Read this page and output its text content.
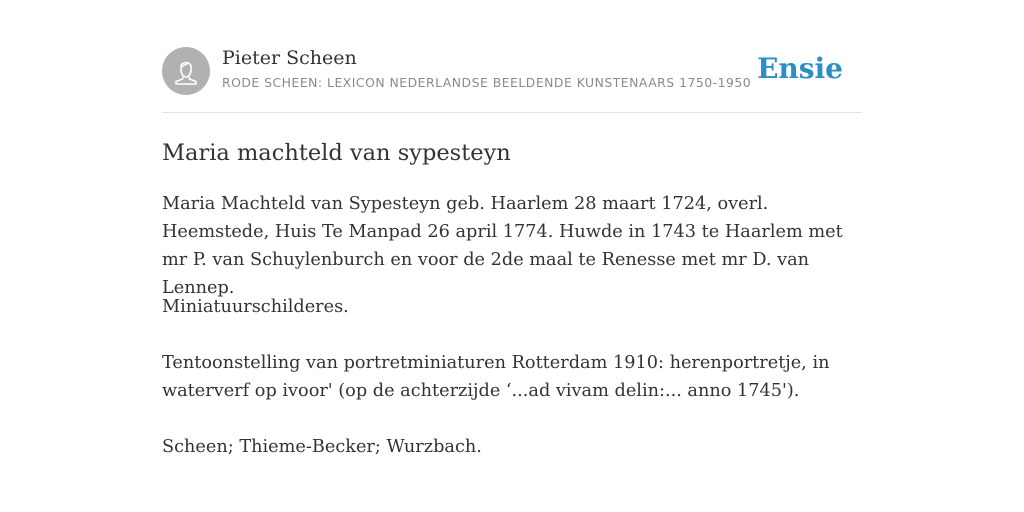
Pieter Scheen
RODE SCHEEN: LEXICON NEDERLANDSE BEELDENDE KUNSTENAARS 1750-1950 Ensie
Maria machteld van sypesteyn

Maria Machteld van Sypesteyn geb. Haarlem 28 maart 1724, overl. Heemstede, Huis Te Manpad 26 april 1774. Huwde in 1743 te Haarlem met mr P. van Schuylenburch en voor de 2de maal te Renesse met mr D. van Lennep.

Miniatuurschilderes.

Tentoonstelling van portretminiaturen Rotterdam 1910: herenportretje, in waterverf op ivoor' (op de achterzijde ‘...ad vivam delin:... anno 1745').

Scheen; Thieme-Becker; Wurzbach.
